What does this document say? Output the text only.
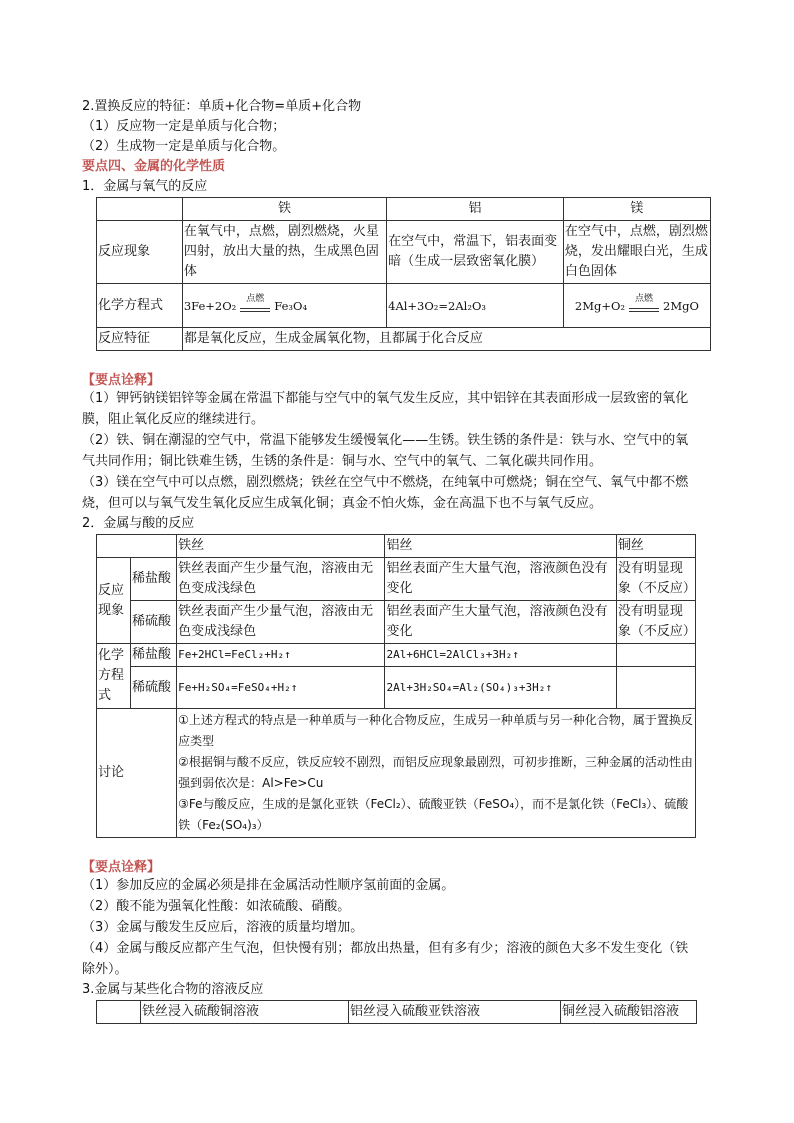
2.置换反应的特征：单质+化合物=单质+化合物
（1）反应物一定是单质与化合物；
（2）生成物一定是单质与化合物。
要点四、金属的化学性质
1．金属与氧气的反应
	铁	铝	镁
反应现象	在氧气中，点燃，剧烈燃烧，火星四射，放出大量的热，生成黑色固体	在空气中，常温下，铝表面变暗（生成一层致密氧化膜）	在空气中，点燃，剧烈燃烧，发出耀眼白光，生成白色固体
化学方程式	3Fe+2O₂ 点燃 Fe₃O₄	4Al+3O₂=2Al₂O₃	2Mg+O₂ 点燃 2MgO
反应特征	都是氧化反应，生成金属氧化物，且都属于化合反应		
【要点诠释】
（1）钾钙钠镁铝锌等金属在常温下都能与空气中的氧气发生反应，其中铝锌在其表面形成一层致密的氧化膜，阻止氧化反应的继续进行。
（2）铁、铜在潮湿的空气中，常温下能够发生缓慢氧化——生锈。铁生锈的条件是：铁与水、空气中的氧气共同作用；铜比铁难生锈，生锈的条件是：铜与水、空气中的氧气、二氧化碳共同作用。
（3）镁在空气中可以点燃，剧烈燃烧；铁丝在空气中不燃烧，在纯氧中可燃烧；铜在空气、氧气中都不燃烧，但可以与氧气发生氧化反应生成氧化铜；真金不怕火炼，金在高温下也不与氧气反应。
2．金属与酸的反应
		铁丝	铝丝	铜丝
反应现象	稀盐酸	铁丝表面产生少量气泡，溶液由无色变成浅绿色	铝丝表面产生大量气泡，溶液颜色没有变化	没有明显现象（不反应）
	稀硫酸	铁丝表面产生少量气泡，溶液由无色变成浅绿色	铝丝表面产生大量气泡，溶液颜色没有变化	没有明显现象（不反应）
化学方程式	稀盐酸	Fe+2HCl=FeCl₂+H₂↑	2Al+6HCl=2AlCl₃+3H₂↑	
	稀硫酸	Fe+H₂SO₄=FeSO₄+H₂↑	2Al+3H₂SO₄=Al₂(SO₄)₃+3H₂↑	
讨论		①上述方程式的特点是一种单质与一种化合物反应，生成另一种单质与另一种化合物，属于置换反应类型
②根据铜与酸不反应，铁反应较不剧烈，而铝反应现象最剧烈，可初步推断，三种金属的活动性由强到弱依次是：Al>Fe>Cu
③Fe与酸反应，生成的是氯化亚铁（FeCl₂）、硫酸亚铁（FeSO₄），而不是氯化铁（FeCl₃）、硫酸铁（Fe₂(SO₄)₃）		
【要点诠释】
（1）参加反应的金属必须是排在金属活动性顺序氢前面的金属。
（2）酸不能为强氧化性酸：如浓硫酸、硝酸。
（3）金属与酸发生反应后，溶液的质量均增加。
（4）金属与酸反应都产生气泡，但快慢有别；都放出热量，但有多有少；溶液的颜色大多不发生变化（铁除外）。
3.金属与某些化合物的溶液反应
	铁丝浸入硫酸铜溶液	铝丝浸入硫酸亚铁溶液	铜丝浸入硫酸铝溶液
